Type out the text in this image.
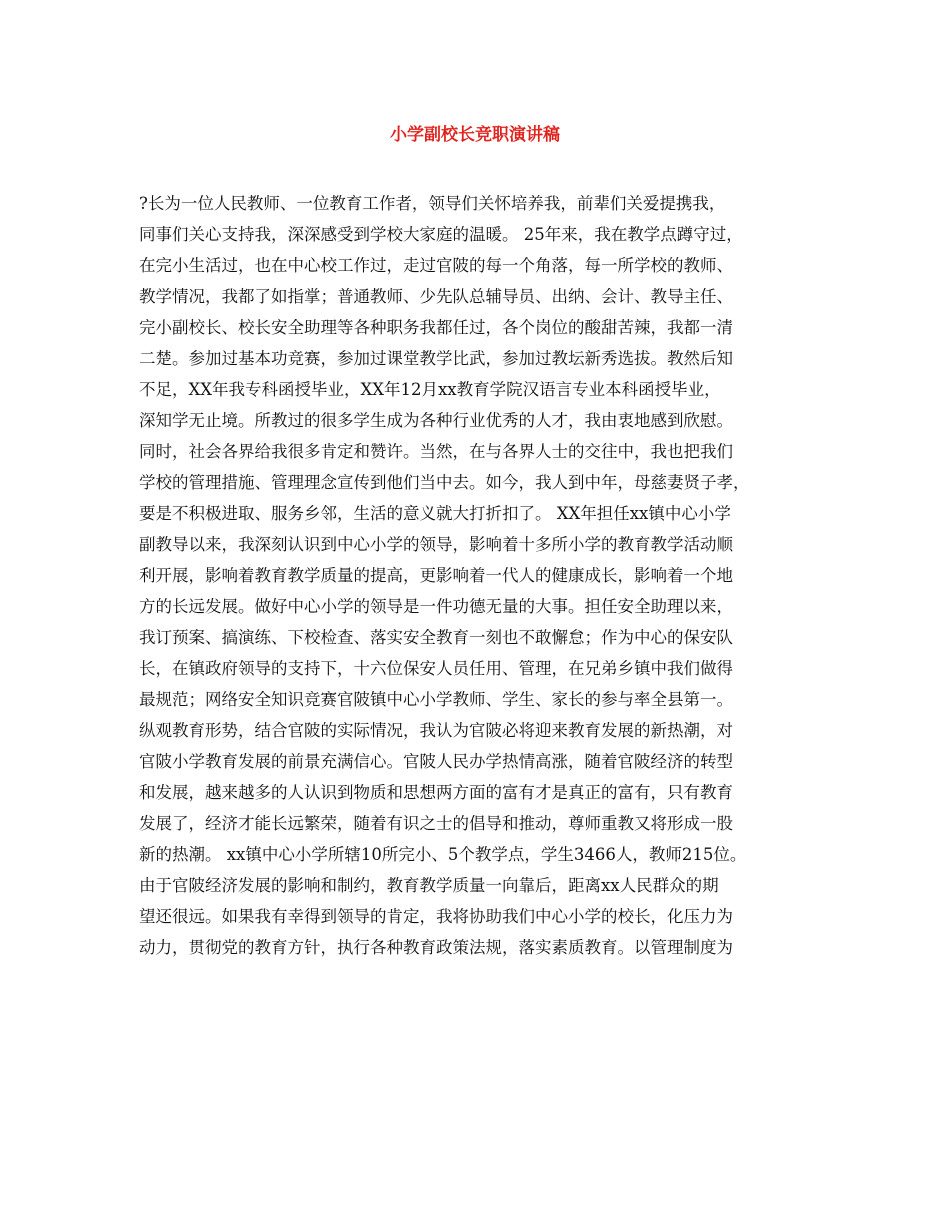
小学副校长竞职演讲稿
?长为一位人民教师、一位教育工作者，领导们关怀培养我，前辈们关爱提携我，
同事们关心支持我，深深感受到学校大家庭的温暖。 25年来，我在教学点蹲守过，
在完小生活过，也在中心校工作过，走过官陂的每一个角落，每一所学校的教师、
教学情况，我都了如指掌；普通教师、少先队总辅导员、出纳、会计、教导主任、
完小副校长、校长安全助理等各种职务我都任过，各个岗位的酸甜苦辣，我都一清
二楚。参加过基本功竞赛，参加过课堂教学比武，参加过教坛新秀选拔。教然后知
不足，XX年我专科函授毕业，XX年12月xx教育学院汉语言专业本科函授毕业，
深知学无止境。所教过的很多学生成为各种行业优秀的人才，我由衷地感到欣慰。
同时，社会各界给我很多肯定和赞许。当然，在与各界人士的交往中，我也把我们
学校的管理措施、管理理念宣传到他们当中去。如今，我人到中年，母慈妻贤子孝，
要是不积极进取、服务乡邻，生活的意义就大打折扣了。 XX年担任xx镇中心小学
副教导以来，我深刻认识到中心小学的领导，影响着十多所小学的教育教学活动顺
利开展，影响着教育教学质量的提高，更影响着一代人的健康成长，影响着一个地
方的长远发展。做好中心小学的领导是一件功德无量的大事。担任安全助理以来，
我订预案、搞演练、下校检查、落实安全教育一刻也不敢懈怠；作为中心的保安队
长，在镇政府领导的支持下，十六位保安人员任用、管理，在兄弟乡镇中我们做得
最规范；网络安全知识竞赛官陂镇中心小学教师、学生、家长的参与率全县第一。
纵观教育形势，结合官陂的实际情况，我认为官陂必将迎来教育发展的新热潮，对
官陂小学教育发展的前景充满信心。官陂人民办学热情高涨，随着官陂经济的转型
和发展，越来越多的人认识到物质和思想两方面的富有才是真正的富有，只有教育
发展了，经济才能长远繁荣，随着有识之士的倡导和推动，尊师重教又将形成一股
新的热潮。 xx镇中心小学所辖10所完小、5个教学点，学生3466人，教师215位。
由于官陂经济发展的影响和制约，教育教学质量一向靠后，距离xx人民群众的期
望还很远。如果我有幸得到领导的肯定，我将协助我们中心小学的校长，化压力为
动力，贯彻党的教育方针，执行各种教育政策法规，落实素质教育。以管理制度为
